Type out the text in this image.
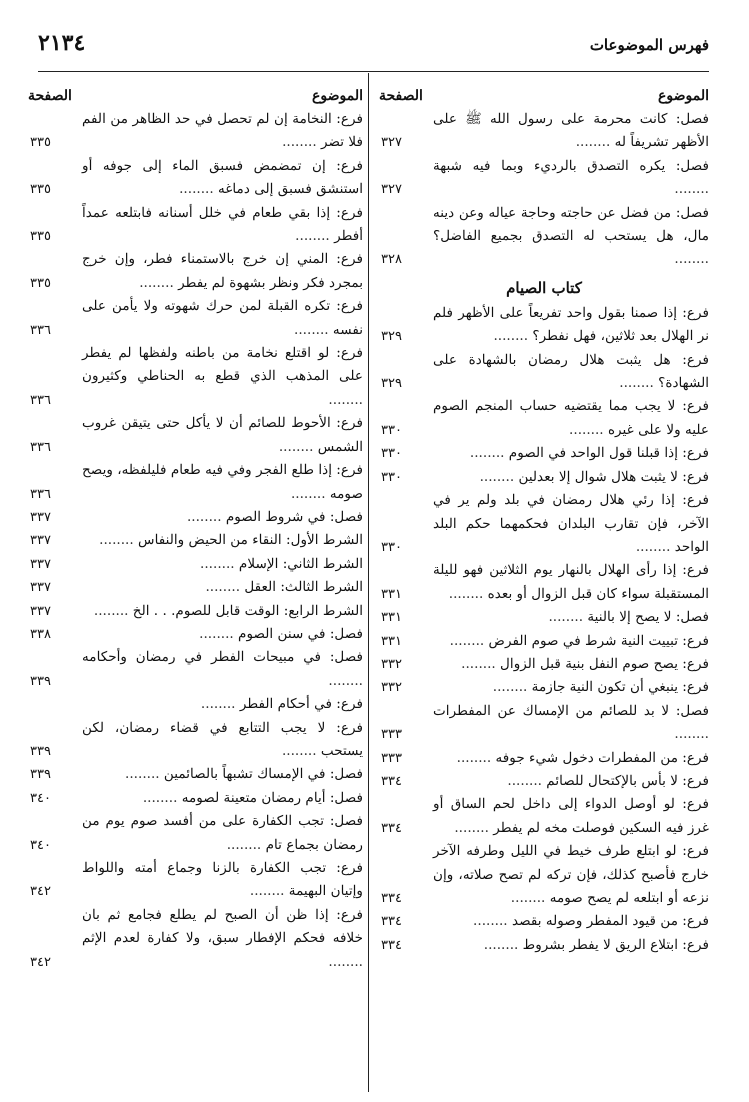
٢١٣٤	فهرس الموضوعات
الموضوع
الصفحة
فصل: كانت محرمة على رسول الله ﷺ على الأظهر تشريفاً له ........
٣٢٧
فصل: يكره التصدق بالرديء وبما فيه شبهة ........
٣٢٧
فصل: من فضل عن حاجته وحاجة عياله وعن دينه مال، هل يستحب له التصدق بجميع الفاضل؟ ........
٣٢٨
كتاب الصيام
فرع: إذا صمنا بقول واحد تفريعاً على الأظهر فلم نر الهلال بعد ثلاثين، فهل نفطر؟ ........
٣٢٩
فرع: هل يثبت هلال رمضان بالشهادة على الشهادة؟ ........
٣٢٩
فرع: لا يجب مما يقتضيه حساب المنجم الصوم عليه ولا على غيره ........
٣٣٠
فرع: إذا قبلنا قول الواحد في الصوم ........
٣٣٠
فرع: لا يثبت هلال شوال إلا بعدلين ........
٣٣٠
فرع: إذا رئي هلال رمضان في بلد ولم ير في الآخر، فإن تقارب البلدان فحكمهما حكم البلد الواحد ........
٣٣٠
فرع: إذا رأى الهلال بالنهار يوم الثلاثين فهو لليلة المستقبلة سواء كان قبل الزوال أو بعده ........
٣٣١
فصل: لا يصح إلا بالنية ........
٣٣١
فرع: تبييت النية شرط في صوم الفرض ........
٣٣١
فرع: يصح صوم النفل بنية قبل الزوال ........
٣٣٢
فرع: ينبغي أن تكون النية جازمة ........
٣٣٢
فصل: لا بد للصائم من الإمساك عن المفطرات ........
٣٣٣
فرع: من المفطرات دخول شيء جوفه ........
٣٣٣
فرع: لا بأس بالإكتحال للصائم ........
٣٣٤
فرع: لو أوصل الدواء إلى داخل لحم الساق أو غرز فيه السكين فوصلت مخه لم يفطر ........
٣٣٤
فرع: لو ابتلع طرف خيط في الليل وطرفه الآخر خارج فأصبح كذلك، فإن تركه لم تصح صلاته، وإن نزعه أو ابتلعه لم يصح صومه ........
٣٣٤
فرع: من قيود المفطر وصوله بقصد ........
٣٣٤
فرع: ابتلاع الريق لا يفطر بشروط ........
٣٣٤
الموضوع
الصفحة
فرع: النخامة إن لم تحصل في حد الظاهر من الفم فلا تضر ........
٣٣٥
فرع: إن تمضمض فسبق الماء إلى جوفه أو استنشق فسبق إلى دماغه ........
٣٣٥
فرع: إذا بقي طعام في خلل أسنانه فابتلعه عمداً أفطر ........
٣٣٥
فرع: المني إن خرج بالاستمناء فطر، وإن خرج بمجرد فكر ونظر بشهوة لم يفطر ........
٣٣٥
فرع: تكره القبلة لمن حرك شهوته ولا يأمن على نفسه ........
٣٣٦
فرع: لو اقتلع نخامة من باطنه ولفظها لم يفطر على المذهب الذي قطع به الحناطي وكثيرون ........
٣٣٦
فرع: الأحوط للصائم أن لا يأكل حتى يتيقن غروب الشمس ........
٣٣٦
فرع: إذا طلع الفجر وفي فيه طعام فليلفظه، ويصح صومه ........
٣٣٦
فصل: في شروط الصوم ........
٣٣٧
الشرط الأول: النقاء من الحيض والنفاس ........
٣٣٧
الشرط الثاني: الإسلام ........
٣٣٧
الشرط الثالث: العقل ........
٣٣٧
الشرط الرابع: الوقت قابل للصوم. . . الخ ........
٣٣٧
فصل: في سنن الصوم ........
٣٣٨
فصل: في مبيحات الفطر في رمضان وأحكامه ........
٣٣٩
فرع: في أحكام الفطر ........
فرع: لا يجب التتابع في قضاء رمضان، لكن يستحب ........
٣٣٩
فصل: في الإمساك تشبهاً بالصائمين ........
٣٣٩
فصل: أيام رمضان متعينة لصومه ........
٣٤٠
فصل: تجب الكفارة على من أفسد صوم يوم من رمضان بجماع تام ........
٣٤٠
فرع: تجب الكفارة بالزنا وجماع أمته واللواط وإتيان البهيمة ........
٣٤٢
فرع: إذا ظن أن الصبح لم يطلع فجامع ثم بان خلافه فحكم الإفطار سبق، ولا كفارة لعدم الإثم ........
٣٤٢
